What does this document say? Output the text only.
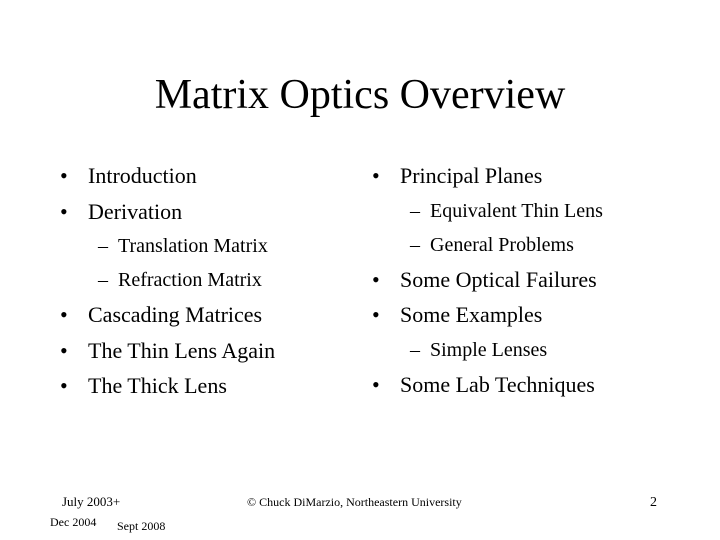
Matrix Optics Overview
• Introduction
• Derivation
– Translation Matrix
– Refraction Matrix
• Cascading Matrices
• The Thin Lens Again
• The Thick Lens
• Principal Planes
– Equivalent Thin Lens
– General Problems
• Some Optical Failures
• Some Examples
– Simple Lenses
• Some Lab Techniques
July 2003+
Dec 2004 Sept 2008
© Chuck DiMarzio, Northeastern University	2
